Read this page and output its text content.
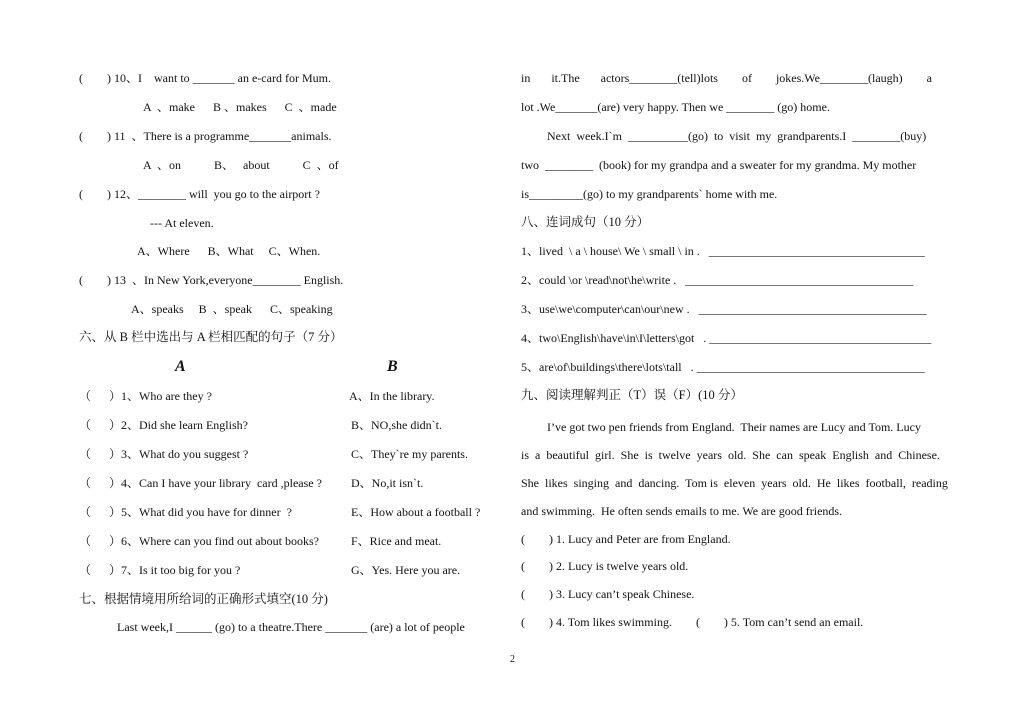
(        ) 10、I    want to _______ an e-card for Mum.
A  、make      B 、makes      C  、made
(        ) 11  、There is a programme_______animals.
A  、on           B、   about           C  、of
(        ) 12、________ will  you go to the airport ?
--- At eleven.
A、Where      B、What     C、When.
(        ) 13  、In New York,everyone________ English.
A、speaks     B  、speak      C、speaking
六、从 B 栏中选出与 A 栏相匹配的句子（7 分）
A	B
（      ）1、Who are they ?
（      ）2、Did she learn English?
（      ）3、What do you suggest ?
（      ）4、Can I have your library  card ,please ?
（      ）5、What did you have for dinner  ?
（      ）6、Where can you find out about books?
（      ）7、Is it too big for you ?
A、In the library.
B、NO,she didn`t.
C、They`re my parents.
D、No,it isn`t.
E、How about a football ?
F、Rice and meat.
G、Yes. Here you are.
七、根据情境用所给词的正确形式填空(10 分)
Last week,I ______ (go) to a theatre.There _______ (are) a lot of people
in       it.The       actors________(tell)lots        of        jokes.We________(laugh)        a
lot .We_______(are) very happy. Then we ________ (go) home.
Next  week.I`m  __________(go)  to  visit  my  grandparents.I  ________(buy)
two  ________  (book) for my grandpa and a sweater for my grandma. My mother
is_________(go) to my grandparents` home with me.
八、连词成句（10 分）
1、lived  \ a \ house\ We \ small \ in .   ____________________________________
2、could \or \read\not\he\write .   ______________________________________
3、use\we\computer\can\our\new .   ______________________________________
4、two\English\have\in\I\letters\got   . _____________________________________
5、are\of\buildings\there\lots\tall   . ______________________________________
九、阅读理解判正（T）误（F）(10 分）
I’ve got two pen friends from England.  Their names are Lucy and Tom. Lucy
is  a  beautiful  girl.  She  is  twelve  years  old.  She  can  speak  English  and  Chinese.
She  likes  singing  and  dancing.  Tom is  eleven  years  old.  He  likes  football,  reading
and swimming.  He often sends emails to me. We are good friends.
(        ) 1. Lucy and Peter are from England.
(        ) 2. Lucy is twelve years old.
(        ) 3. Lucy can’t speak Chinese.
(        ) 4. Tom likes swimming.        (        ) 5. Tom can’t send an email.
2
